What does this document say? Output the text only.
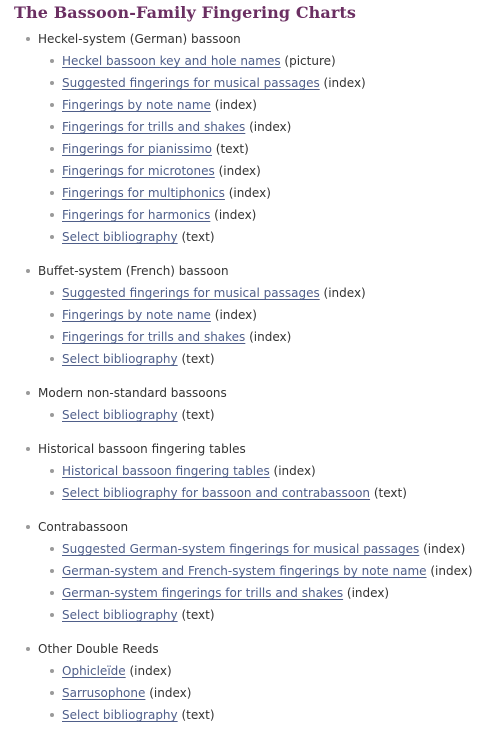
The Bassoon-Family Fingering Charts
Heckel-system (German) bassoon
Heckel bassoon key and hole names (picture)
Suggested fingerings for musical passages (index)
Fingerings by note name (index)
Fingerings for trills and shakes (index)
Fingerings for pianissimo (text)
Fingerings for microtones (index)
Fingerings for multiphonics (index)
Fingerings for harmonics (index)
Select bibliography (text)
Buffet-system (French) bassoon
Suggested fingerings for musical passages (index)
Fingerings by note name (index)
Fingerings for trills and shakes (index)
Select bibliography (text)
Modern non-standard bassoons
Select bibliography (text)
Historical bassoon fingering tables
Historical bassoon fingering tables (index)
Select bibliography for bassoon and contrabassoon (text)
Contrabassoon
Suggested German-system fingerings for musical passages (index)
German-system and French-system fingerings by note name (index)
German-system fingerings for trills and shakes (index)
Select bibliography (text)
Other Double Reeds
Ophicleïde (index)
Sarrusophone (index)
Select bibliography (text)
